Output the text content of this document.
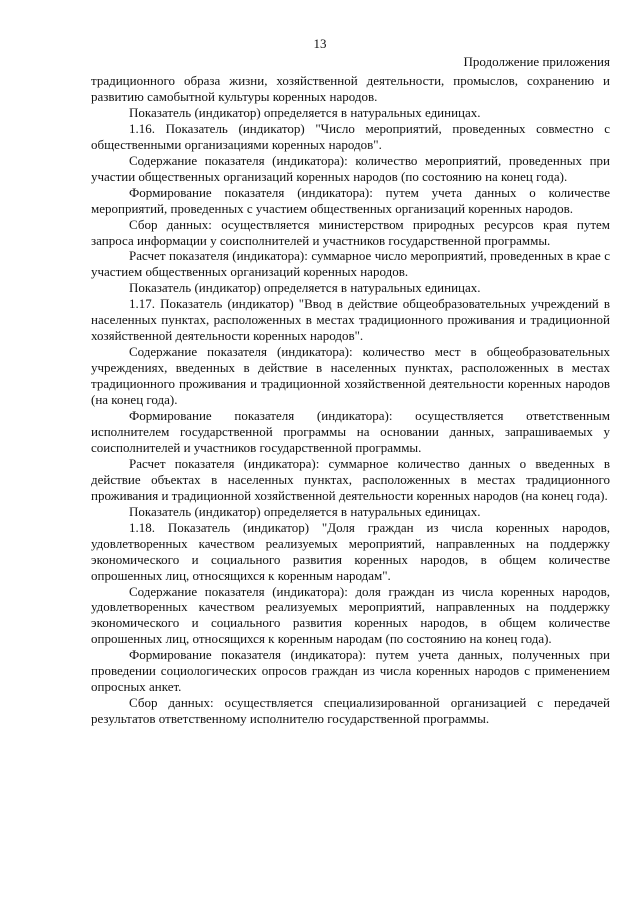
13
Продолжение приложения

традиционного образа жизни, хозяйственной деятельности, промыслов, сохранению и развитию самобытной культуры коренных народов.

Показатель (индикатор) определяется в натуральных единицах.

1.16. Показатель (индикатор) "Число мероприятий, проведенных совместно с общественными организациями коренных народов".

Содержание показателя (индикатора): количество мероприятий, проведенных при участии общественных организаций коренных народов (по состоянию на конец года).

Формирование показателя (индикатора): путем учета данных о количестве мероприятий, проведенных с участием общественных организаций коренных народов.

Сбор данных: осуществляется министерством природных ресурсов края путем запроса информации у соисполнителей и участников государственной программы.

Расчет показателя (индикатора): суммарное число мероприятий, проведенных в крае с участием общественных организаций коренных народов.

Показатель (индикатор) определяется в натуральных единицах.

1.17. Показатель (индикатор) "Ввод в действие общеобразовательных учреждений в населенных пунктах, расположенных в местах традиционного проживания и традиционной хозяйственной деятельности коренных народов".

Содержание показателя (индикатора): количество мест в общеобразовательных учреждениях, введенных в действие в населенных пунктах, расположенных в местах традиционного проживания и традиционной хозяйственной деятельности коренных народов (на конец года).

Формирование показателя (индикатора): осуществляется ответственным исполнителем государственной программы на основании данных, запрашиваемых у соисполнителей и участников государственной программы.

Расчет показателя (индикатора): суммарное количество данных о введенных в действие объектах в населенных пунктах, расположенных в местах традиционного проживания и традиционной хозяйственной деятельности коренных народов (на конец года).

Показатель (индикатор) определяется в натуральных единицах.

1.18. Показатель (индикатор) "Доля граждан из числа коренных народов, удовлетворенных качеством реализуемых мероприятий, направленных на поддержку экономического и социального развития коренных народов, в общем количестве опрошенных лиц, относящихся к коренным народам".

Содержание показателя (индикатора): доля граждан из числа коренных народов, удовлетворенных качеством реализуемых мероприятий, направленных на поддержку экономического и социального развития коренных народов, в общем количестве опрошенных лиц, относящихся к коренным народам (по состоянию на конец года).

Формирование показателя (индикатора): путем учета данных, полученных при проведении социологических опросов граждан из числа коренных народов с применением опросных анкет.

Сбор данных: осуществляется специализированной организацией с передачей результатов ответственному исполнителю государственной программы.
